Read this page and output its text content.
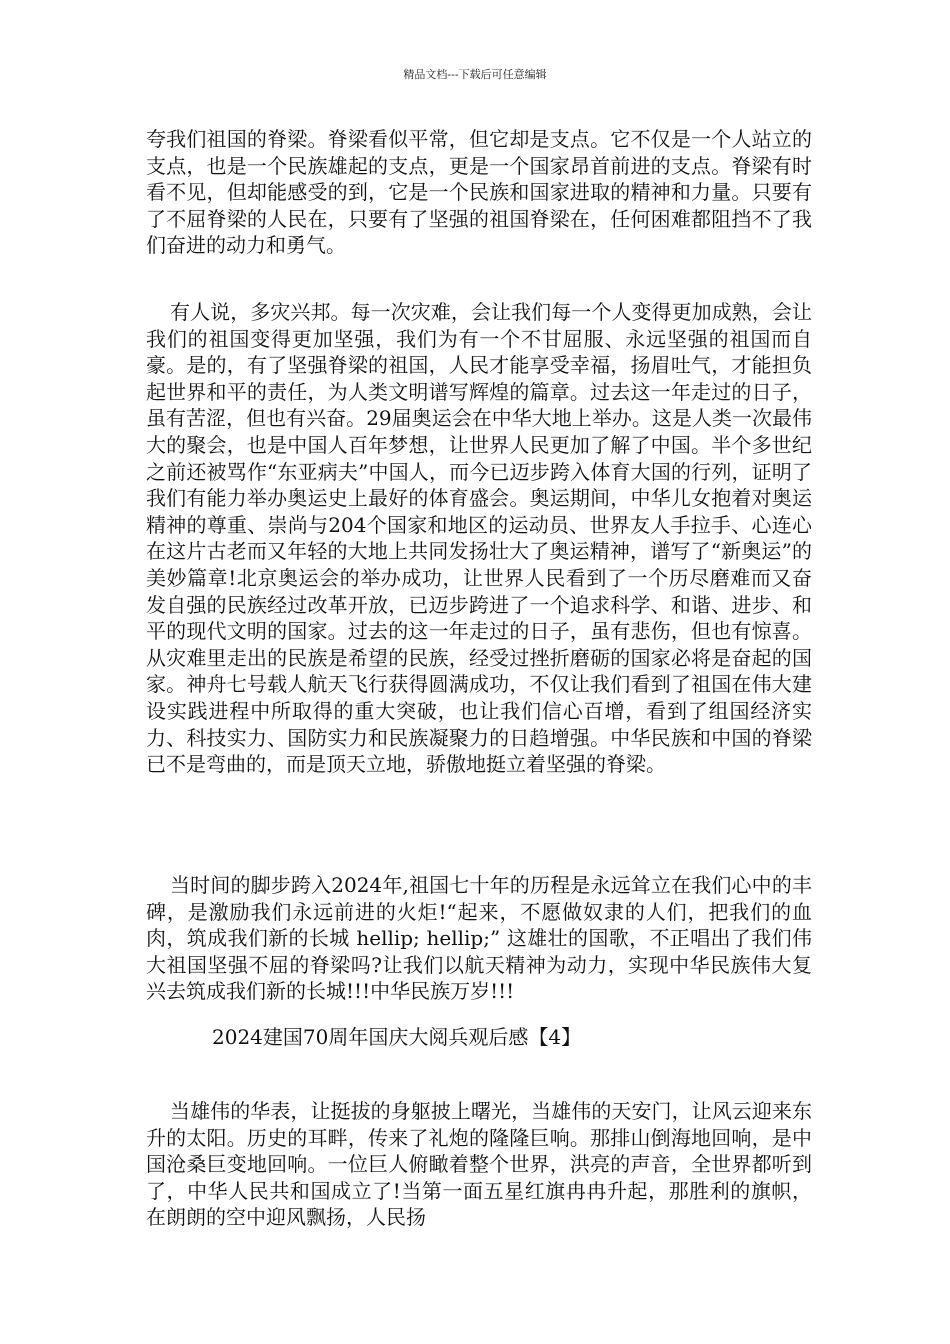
精品文档---下载后可任意编辑

夸我们祖国的脊梁。脊梁看似平常，但它却是支点。它不仅是一个人站立的支点，也是一个民族雄起的支点，更是一个国家昂首前进的支点。脊梁有时看不见，但却能感受的到，它是一个民族和国家进取的精神和力量。只要有了不屈脊梁的人民在，只要有了坚强的祖国脊梁在，任何困难都阻挡不了我们奋进的动力和勇气。

有人说，多灾兴邦。每一次灾难，会让我们每一个人变得更加成熟，会让我们的祖国变得更加坚强，我们为有一个不甘屈服、永远坚强的祖国而自豪。是的，有了坚强脊梁的祖国，人民才能享受幸福，扬眉吐气，才能担负起世界和平的责任，为人类文明谱写辉煌的篇章。过去这一年走过的日子，虽有苦涩，但也有兴奋。29届奥运会在中华大地上举办。这是人类一次最伟大的聚会，也是中国人百年梦想，让世界人民更加了解了中国。半个多世纪之前还被骂作“东亚病夫”中国人，而今已迈步跨入体育大国的行列，证明了我们有能力举办奥运史上最好的体育盛会。奥运期间，中华儿女抱着对奥运精神的尊重、崇尚与204个国家和地区的运动员、世界友人手拉手、心连心在这片古老而又年轻的大地上共同发扬壮大了奥运精神，谱写了“新奥运”的美妙篇章!北京奥运会的举办成功，让世界人民看到了一个历尽磨难而又奋发自强的民族经过改革开放，已迈步跨进了一个追求科学、和谐、进步、和平的现代文明的国家。过去的这一年走过的日子，虽有悲伤，但也有惊喜。从灾难里走出的民族是希望的民族，经受过挫折磨砺的国家必将是奋起的国家。神舟七号载人航天飞行获得圆满成功，不仅让我们看到了祖国在伟大建设实践进程中所取得的重大突破，也让我们信心百增，看到了组国经济实力、科技实力、国防实力和民族凝聚力的日趋增强。中华民族和中国的脊梁已不是弯曲的，而是顶天立地，骄傲地挺立着坚强的脊梁。

当时间的脚步跨入2024年,祖国七十年的历程是永远耸立在我们心中的丰碑，是激励我们永远前进的火炬!“起来，不愿做奴隶的人们，把我们的血肉，筑成我们新的长城 hellip; hellip;” 这雄壮的国歌，不正唱出了我们伟大祖国坚强不屈的脊梁吗?让我们以航天精神为动力，实现中华民族伟大复兴去筑成我们新的长城!!!中华民族万岁!!!

2024建国70周年国庆大阅兵观后感【4】

当雄伟的华表，让挺拔的身躯披上曙光，当雄伟的天安门，让风云迎来东升的太阳。历史的耳畔，传来了礼炮的隆隆巨响。那排山倒海地回响，是中国沧桑巨变地回响。一位巨人俯瞰着整个世界，洪亮的声音，全世界都听到了，中华人民共和国成立了!当第一面五星红旗冉冉升起，那胜利的旗帜，在朗朗的空中迎风飘扬，人民扬
